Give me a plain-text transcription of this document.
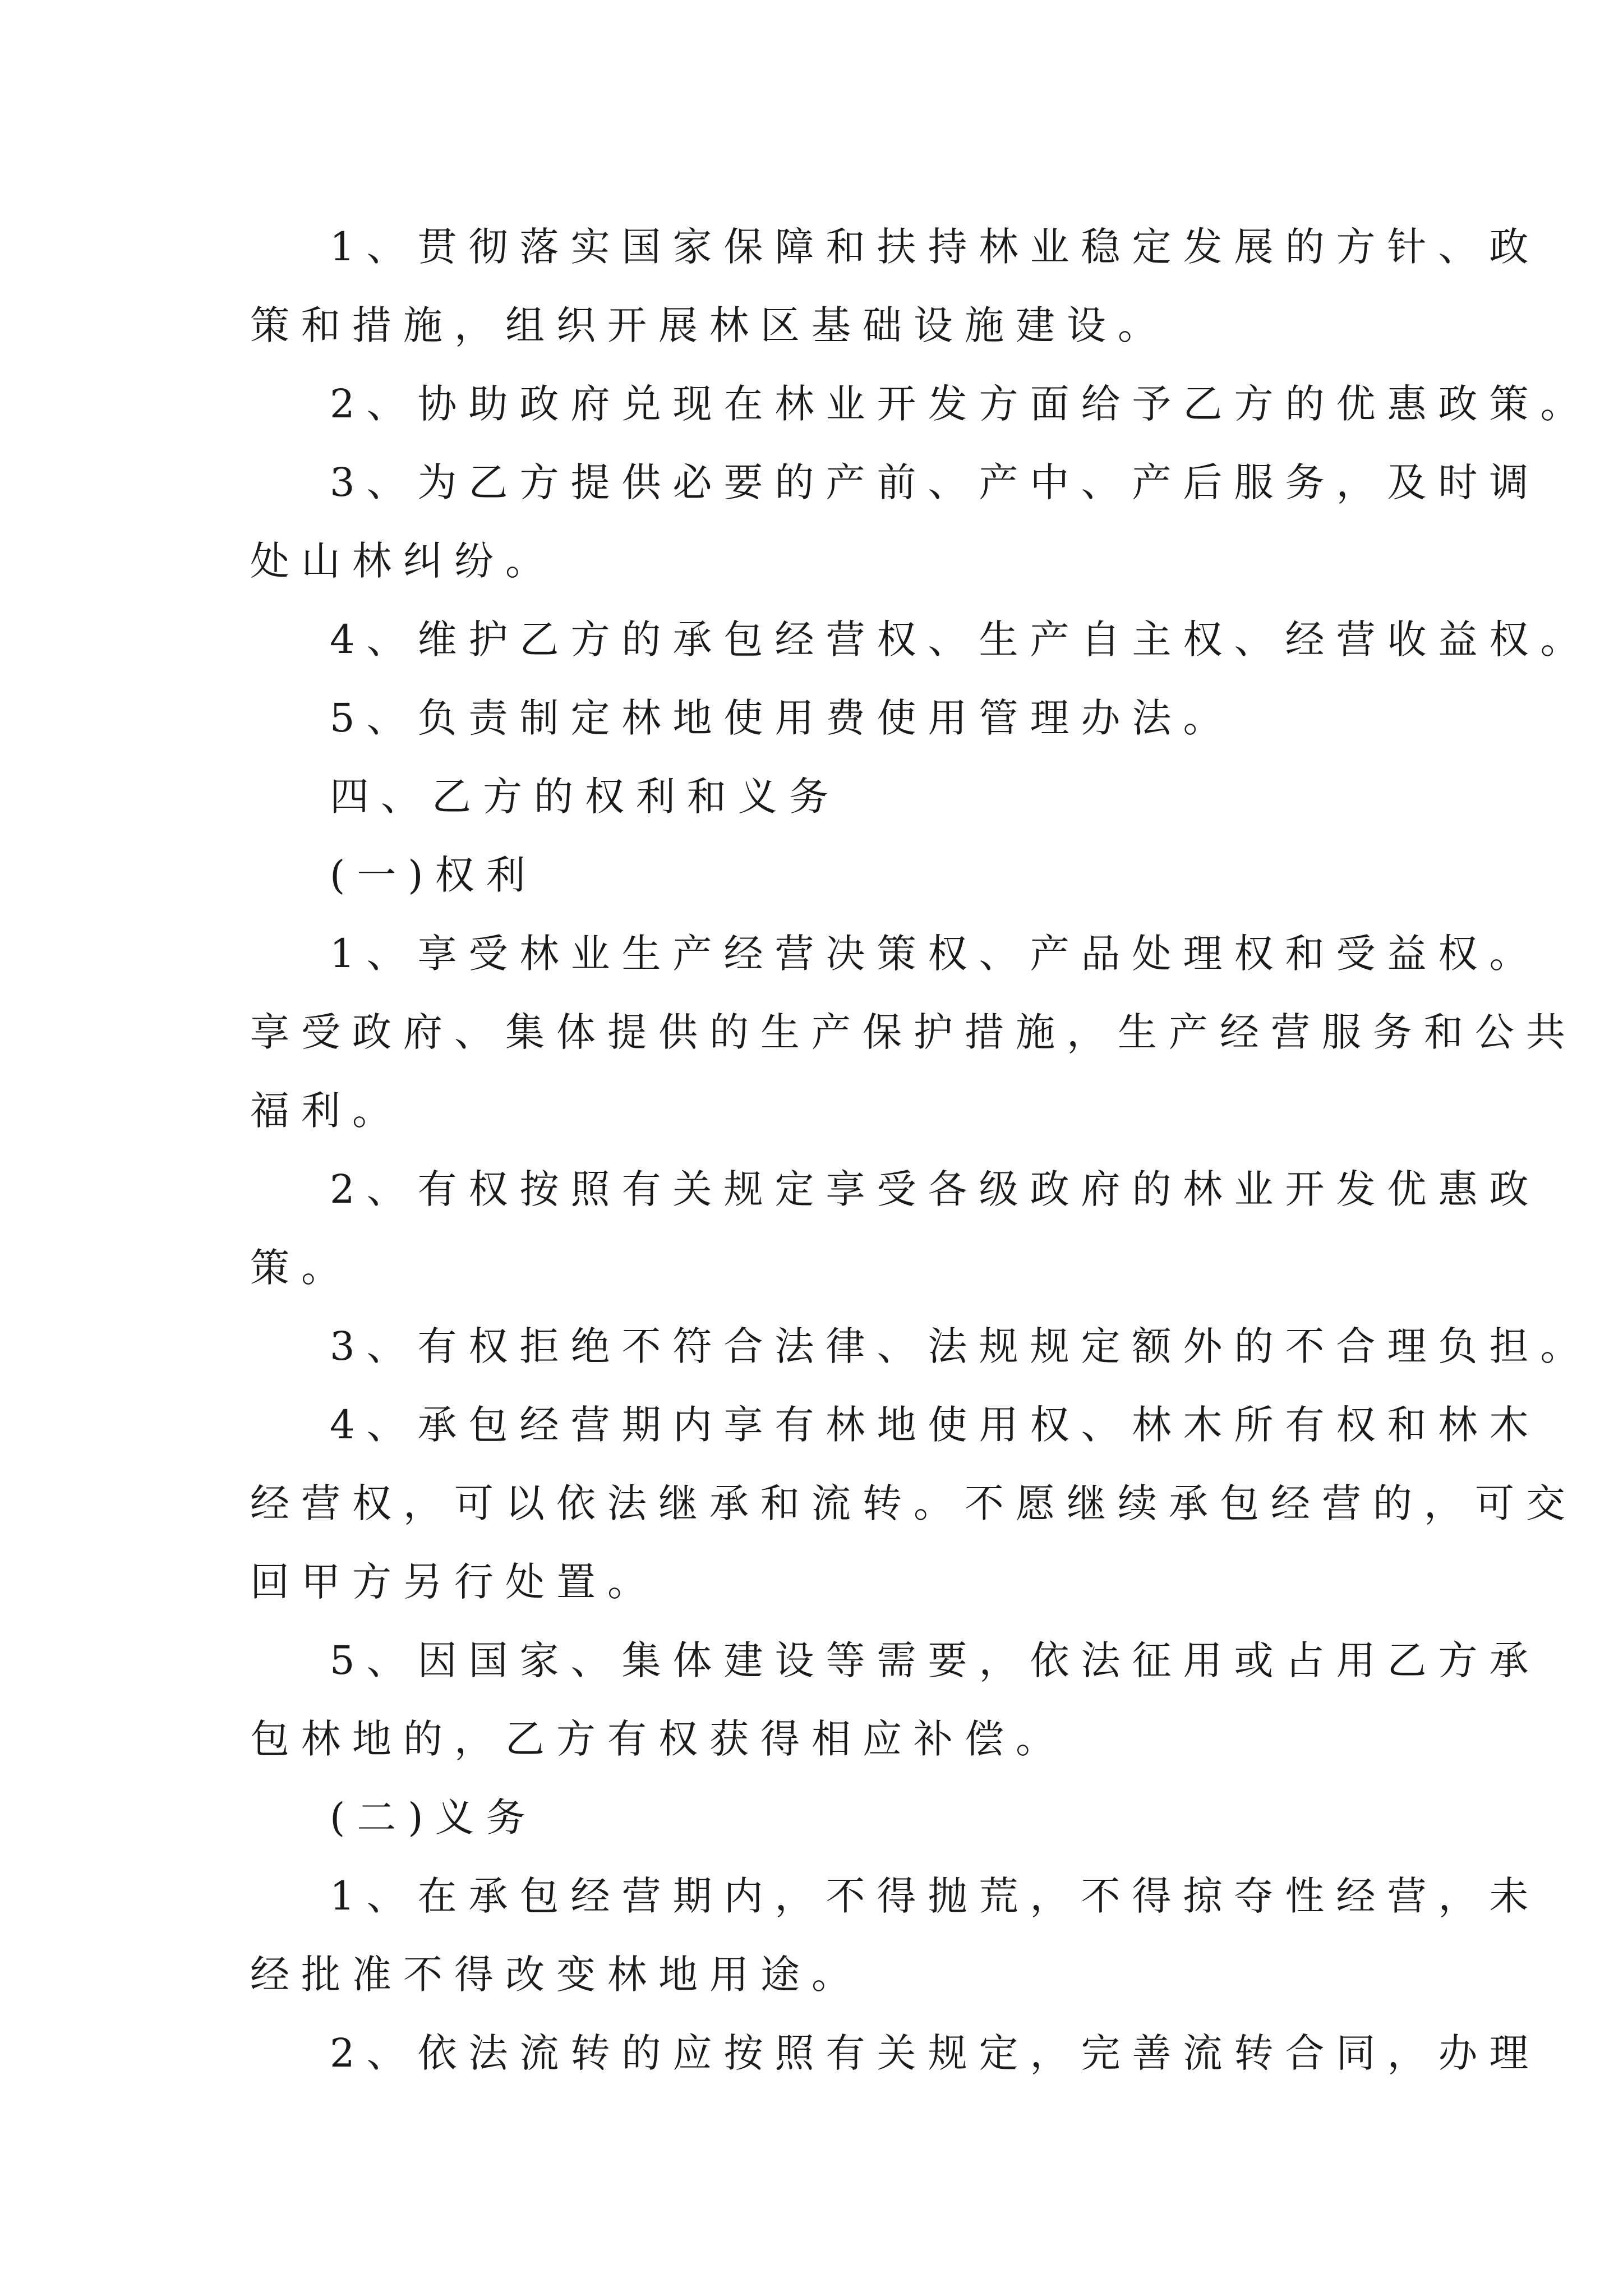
1、贯彻落实国家保障和扶持林业稳定发展的方针、政
策和措施，组织开展林区基础设施建设。
2、协助政府兑现在林业开发方面给予乙方的优惠政策。
3、为乙方提供必要的产前、产中、产后服务，及时调
处山林纠纷。
4、维护乙方的承包经营权、生产自主权、经营收益权。
5、负责制定林地使用费使用管理办法。
四、乙方的权利和义务
(一)权利
1、享受林业生产经营决策权、产品处理权和受益权。
享受政府、集体提供的生产保护措施，生产经营服务和公共
福利。
2、有权按照有关规定享受各级政府的林业开发优惠政
策。
3、有权拒绝不符合法律、法规规定额外的不合理负担。
4、承包经营期内享有林地使用权、林木所有权和林木
经营权，可以依法继承和流转。不愿继续承包经营的，可交
回甲方另行处置。
5、因国家、集体建设等需要，依法征用或占用乙方承
包林地的，乙方有权获得相应补偿。
(二)义务
1、在承包经营期内，不得抛荒，不得掠夺性经营，未
经批准不得改变林地用途。
2、依法流转的应按照有关规定，完善流转合同，办理
